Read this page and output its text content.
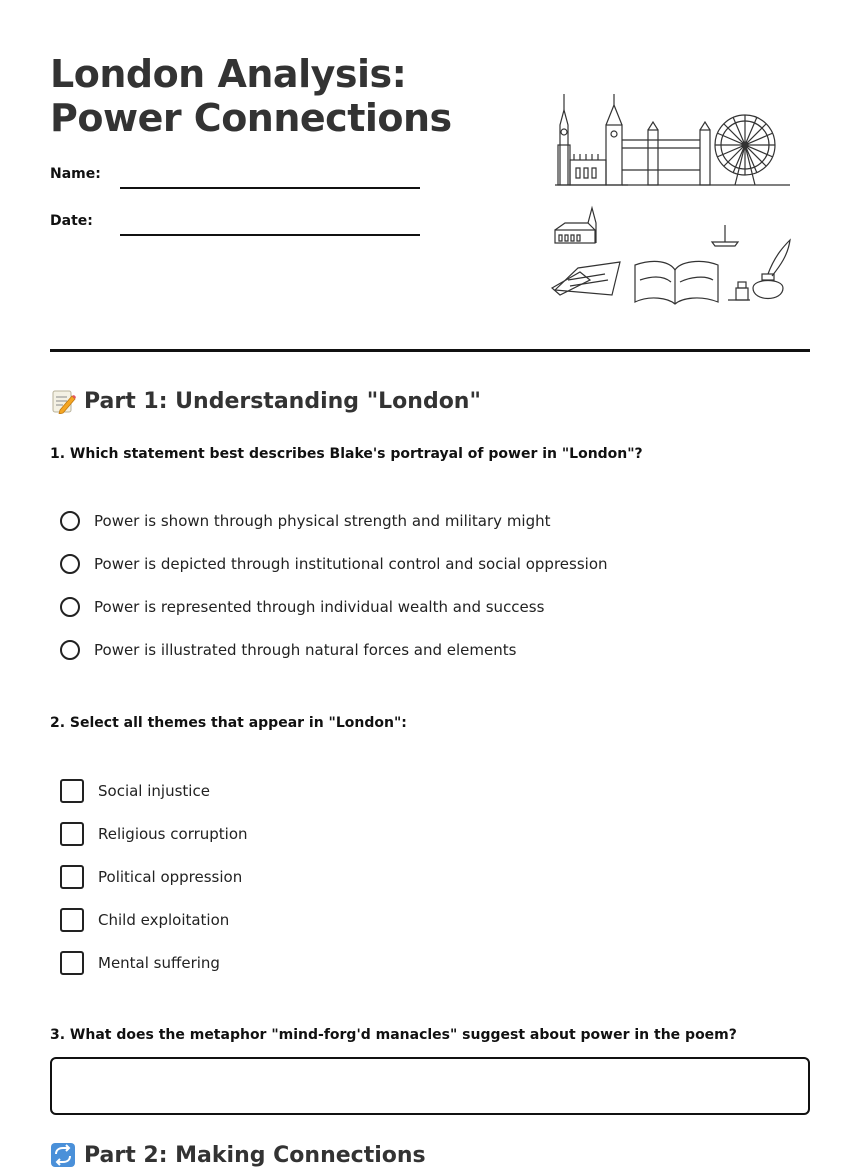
London Analysis: Power Connections
Name:
Date:
Part 1: Understanding "London"

1. Which statement best describes Blake's portrayal of power in "London"?

Power is shown through physical strength and military might
Power is depicted through institutional control and social oppression
Power is represented through individual wealth and success
Power is illustrated through natural forces and elements

2. Select all themes that appear in "London":

Social injustice
Religious corruption
Political oppression
Child exploitation
Mental suffering

3. What does the metaphor "mind-forg'd manacles" suggest about power in the poem?

Part 2: Making Connections
